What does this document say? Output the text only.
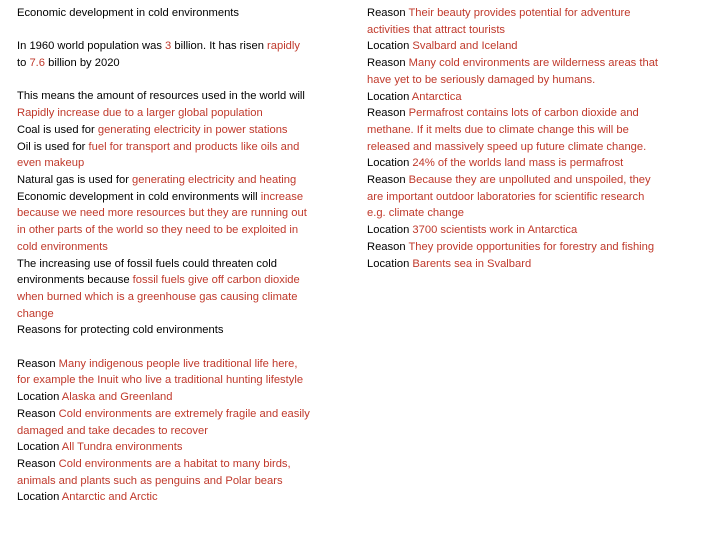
Economic development in cold environments

In 1960 world population was 3 billion. It has risen rapidly

to 7.6 billion by 2020

This means the amount of resources used in the world will

Rapidly increase due to a larger global population

Coal is used for generating electricity in power stations

Oil is used for fuel for transport and products like oils and

even makeup

Natural gas is used for generating electricity and heating

Economic development in cold environments will increase

because we need more resources but they are running out

in other parts of the world so they need to be exploited in

cold environments

The increasing use of fossil fuels could threaten cold

environments because fossil fuels give off carbon dioxide

when burned which is a greenhouse gas causing climate

change

Reasons for protecting cold environments

Reason Many indigenous people live traditional life here,

for example the Inuit who live a traditional hunting lifestyle

Location Alaska and Greenland

Reason Cold environments are extremely fragile and easily

damaged and take decades to recover

Location All Tundra environments

Reason Cold environments are a habitat to many birds,

animals and plants such as penguins and Polar bears

Location Antarctic and Arctic

Reason Their beauty provides potential for adventure

activities that attract tourists

Location Svalbard and Iceland

Reason Many cold environments are wilderness areas that

have yet to be seriously damaged by humans.

Location Antarctica

Reason Permafrost contains lots of carbon dioxide and

methane. If it melts due to climate change this will be

released and massively speed up future climate change.

Location 24% of the worlds land mass is permafrost

Reason Because they are unpolluted and unspoiled, they

are important outdoor laboratories for scientific research

e.g. climate change

Location 3700 scientists work in Antarctica

Reason They provide opportunities for forestry and fishing

Location Barents sea in Svalbard
